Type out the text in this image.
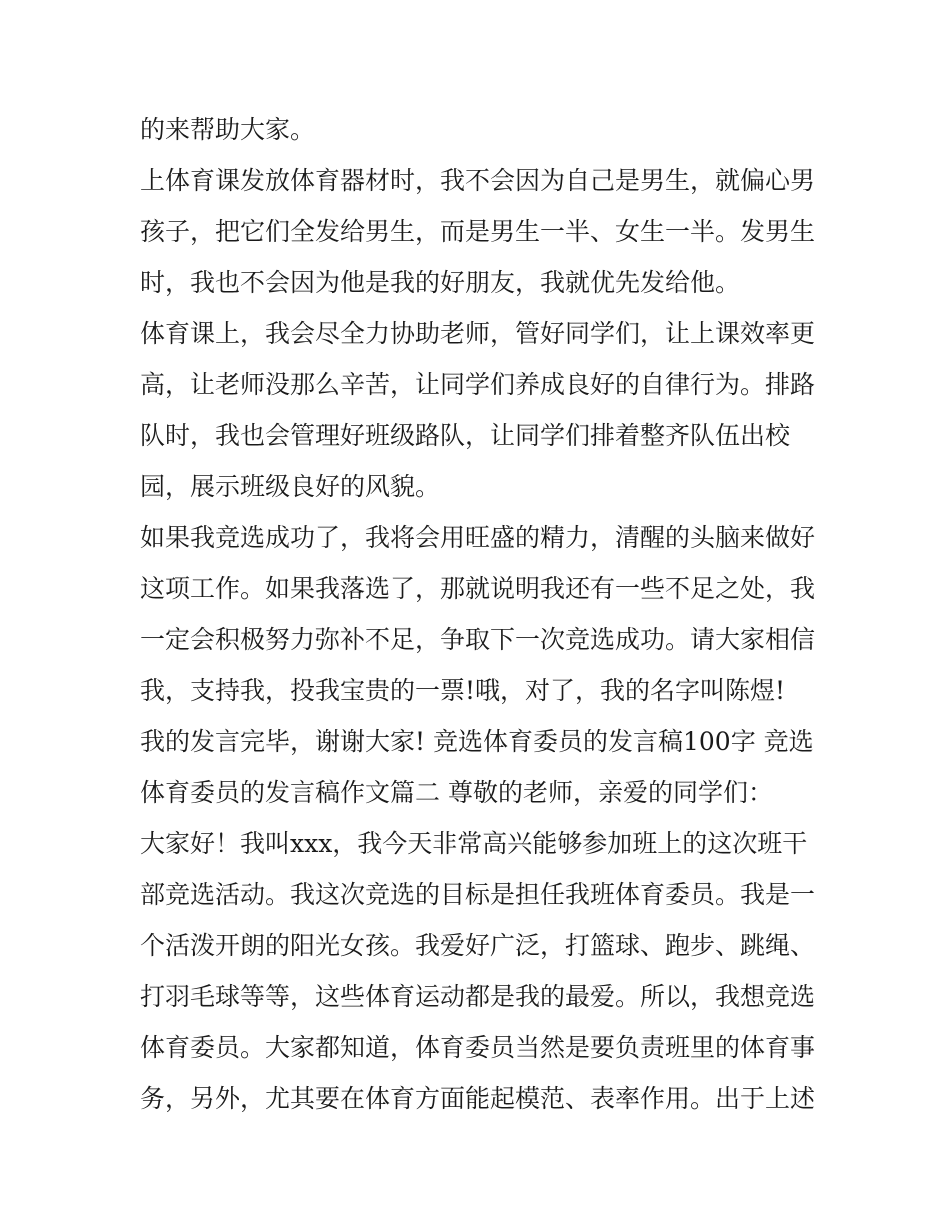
的来帮助大家。
上体育课发放体育器材时，我不会因为自己是男生，就偏心男
孩子，把它们全发给男生，而是男生一半、女生一半。发男生
时，我也不会因为他是我的好朋友，我就优先发给他。
体育课上，我会尽全力协助老师，管好同学们，让上课效率更
高，让老师没那么辛苦，让同学们养成良好的自律行为。排路
队时，我也会管理好班级路队，让同学们排着整齐队伍出校
园，展示班级良好的风貌。
如果我竞选成功了，我将会用旺盛的精力，清醒的头脑来做好
这项工作。如果我落选了，那就说明我还有一些不足之处，我
一定会积极努力弥补不足，争取下一次竞选成功。请大家相信
我，支持我，投我宝贵的一票!哦，对了，我的名字叫陈煜!
我的发言完毕，谢谢大家! 竞选体育委员的发言稿100字 竞选
体育委员的发言稿作文篇二 尊敬的老师，亲爱的同学们：
大家好！我叫xxx，我今天非常高兴能够参加班上的这次班干
部竞选活动。我这次竞选的目标是担任我班体育委员。我是一
个活泼开朗的阳光女孩。我爱好广泛，打篮球、跑步、跳绳、
打羽毛球等等，这些体育运动都是我的最爱。所以，我想竞选
体育委员。大家都知道，体育委员当然是要负责班里的体育事
务，另外，尤其要在体育方面能起模范、表率作用。出于上述
